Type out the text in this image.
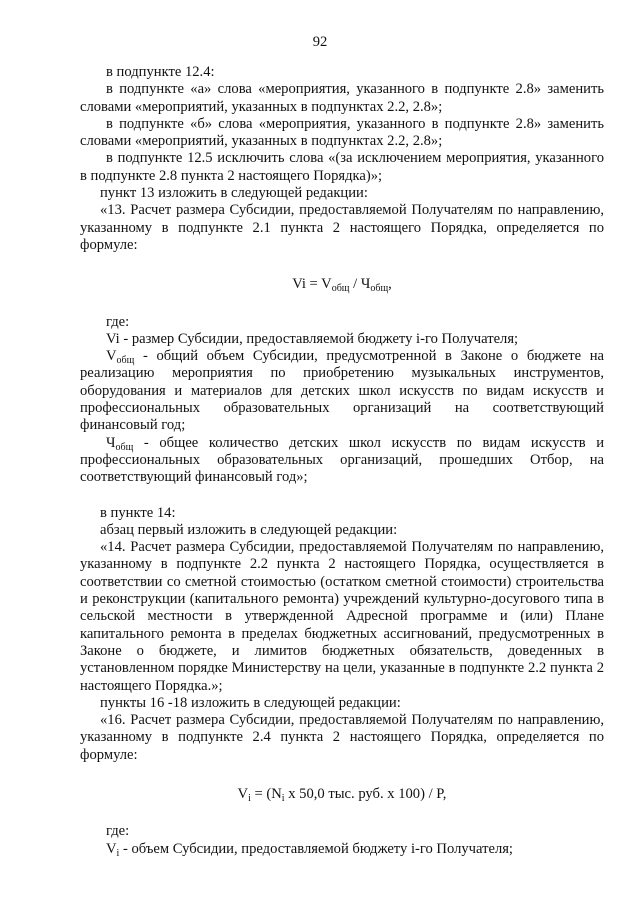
92

в подпункте 12.4:

в подпункте «а» слова «мероприятия, указанного в подпункте 2.8» заменить словами «мероприятий, указанных в подпунктах 2.2, 2.8»;

в подпункте «б» слова «мероприятия, указанного в подпункте 2.8» заменить словами «мероприятий, указанных в подпунктах 2.2, 2.8»;

в подпункте 12.5 исключить слова «(за исключением мероприятия, указанного в подпункте 2.8 пункта 2 настоящего Порядка)»;

пункт 13 изложить в следующей редакции:

«13. Расчет размера Субсидии, предоставляемой Получателям по направлению, указанному в подпункте 2.1 пункта 2 настоящего Порядка, определяется по формуле:

$Vi = V_{общ} / Ч_{общ}$,

где:

Vi - размер Субсидии, предоставляемой бюджету i-го Получателя;

$V_{общ}$ - общий объем Субсидии, предусмотренной в Законе о бюджете на реализацию мероприятия по приобретению музыкальных инструментов, оборудования и материалов для детских школ искусств по видам искусств и профессиональных образовательных организаций на соответствующий финансовый год;

$Ч_{общ}$ - общее количество детских школ искусств по видам искусств и профессиональных образовательных организаций, прошедших Отбор, на соответствующий финансовый год»;

в пункте 14:

абзац первый изложить в следующей редакции:

«14. Расчет размера Субсидии, предоставляемой Получателям по направлению, указанному в подпункте 2.2 пункта 2 настоящего Порядка, осуществляется в соответствии со сметной стоимостью (остатком сметной стоимости) строительства и реконструкции (капитального ремонта) учреждений культурно-досугового типа в сельской местности в утвержденной Адресной программе и (или) Плане капитального ремонта в пределах бюджетных ассигнований, предусмотренных в Законе о бюджете, и лимитов бюджетных обязательств, доведенных в установленном порядке Министерству на цели, указанные в подпункте 2.2 пункта 2 настоящего Порядка.»;

пункты 16 -18 изложить в следующей редакции:

«16. Расчет размера Субсидии, предоставляемой Получателям по направлению, указанному в подпункте 2.4 пункта 2 настоящего Порядка, определяется по формуле:

$V_i = (N_i$ x 50,0 тыс. руб. x 100) / P,

где:

$V_i$ - объем Субсидии, предоставляемой бюджету i-го Получателя;
